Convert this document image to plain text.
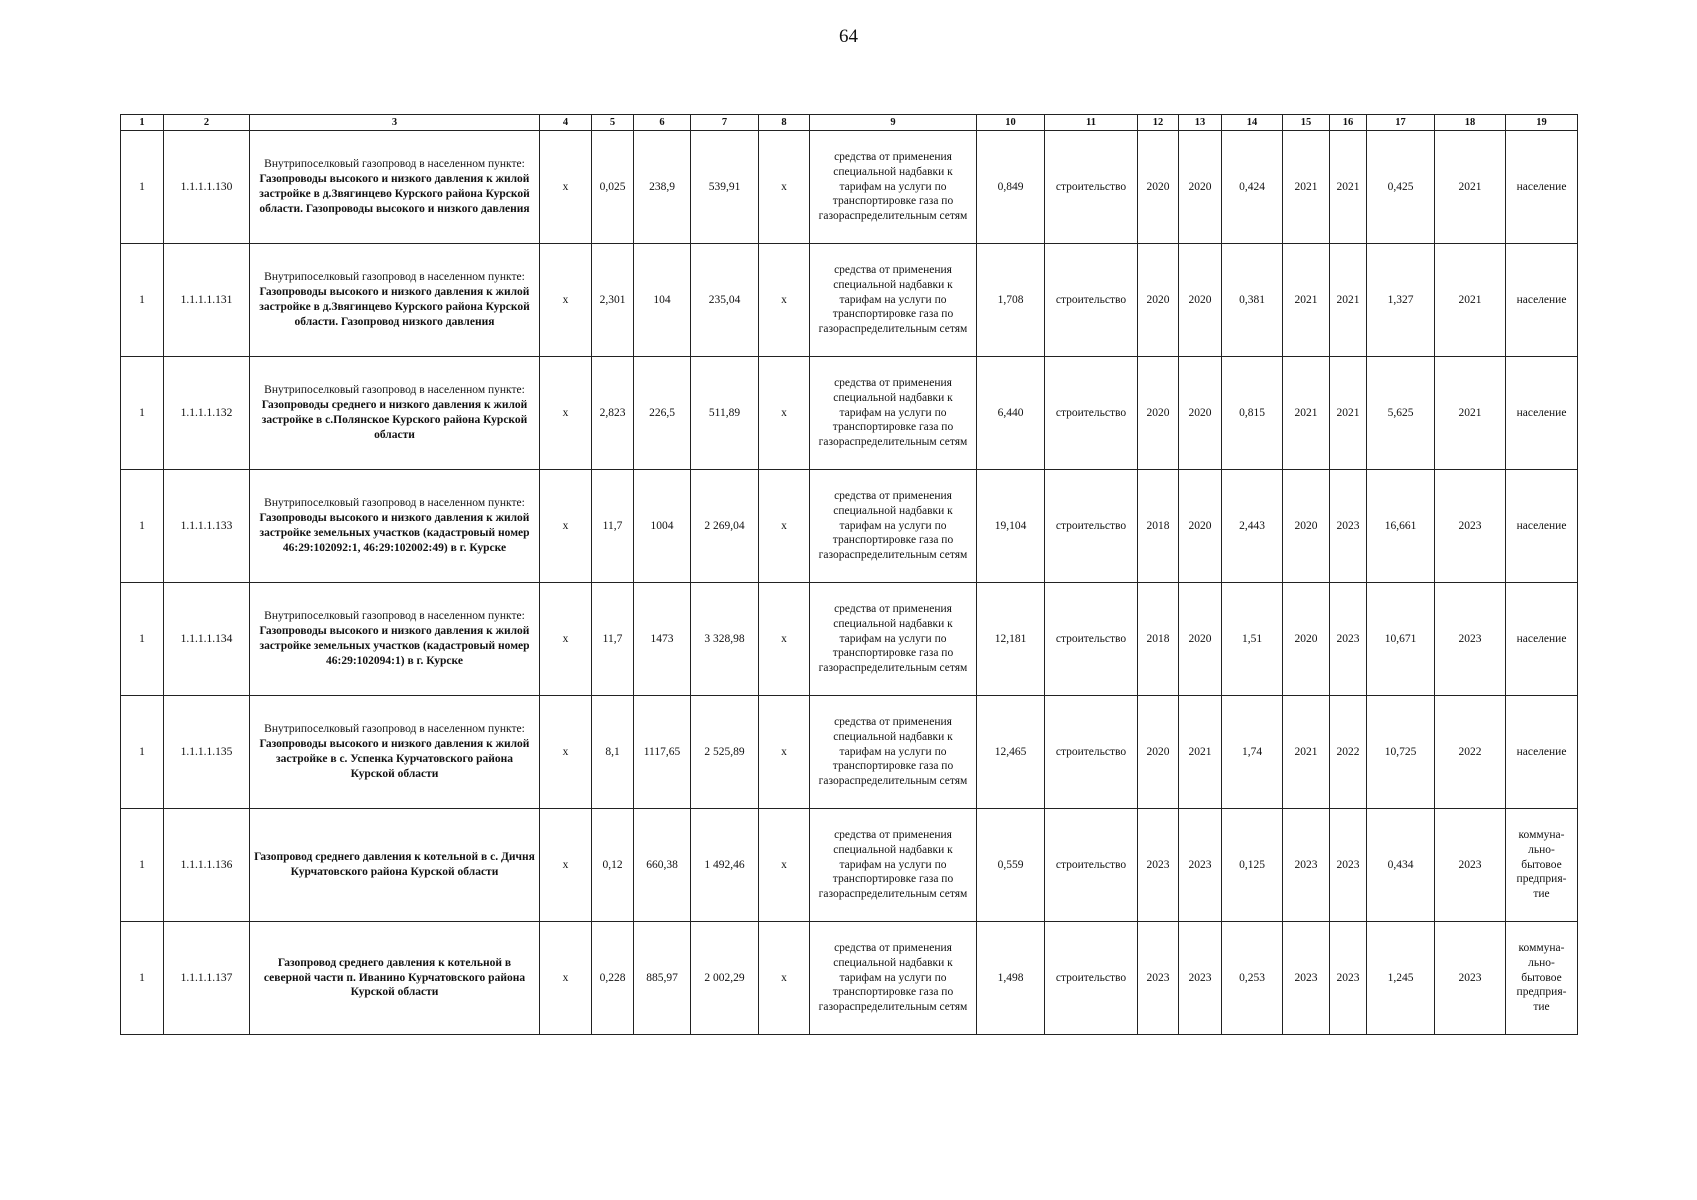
64
1	2	3	4	5	6	7	8	9	10	11	12	13	14	15	16	17	18	19
1	1.1.1.1.130	Внутрипоселковый газопровод в населенном пункте:
Газопроводы высокого и низкого давления к жилой застройке в д.Звягинцево Курского района Курской области. Газопроводы высокого и низкого давления	х	0,025	238,9	539,91	х	средства от применения специальной надбавки к тарифам на услуги по транспортировке газа по газораспределительным сетям	0,849	строительство	2020	2020	0,424	2021	2021	0,425	2021	население
1	1.1.1.1.131	Внутрипоселковый газопровод в населенном пункте:
Газопроводы высокого и низкого давления к жилой застройке в д.Звягинцево Курского района Курской области. Газопровод низкого давления	х	2,301	104	235,04	х	средства от применения специальной надбавки к тарифам на услуги по транспортировке газа по газораспределительным сетям	1,708	строительство	2020	2020	0,381	2021	2021	1,327	2021	население
1	1.1.1.1.132	Внутрипоселковый газопровод в населенном пункте:
Газопроводы среднего и низкого давления к жилой застройке в с.Полянское Курского района Курской области	х	2,823	226,5	511,89	х	средства от применения специальной надбавки к тарифам на услуги по транспортировке газа по газораспределительным сетям	6,440	строительство	2020	2020	0,815	2021	2021	5,625	2021	население
1	1.1.1.1.133	Внутрипоселковый газопровод в населенном пункте:
Газопроводы высокого и низкого давления к жилой застройке земельных участков (кадастровый номер 46:29:102092:1, 46:29:102002:49) в г. Курске	х	11,7	1004	2 269,04	х	средства от применения специальной надбавки к тарифам на услуги по транспортировке газа по газораспределительным сетям	19,104	строительство	2018	2020	2,443	2020	2023	16,661	2023	население
1	1.1.1.1.134	Внутрипоселковый газопровод в населенном пункте:
Газопроводы высокого и низкого давления к жилой застройке земельных участков (кадастровый номер 46:29:102094:1) в г. Курске	х	11,7	1473	3 328,98	х	средства от применения специальной надбавки к тарифам на услуги по транспортировке газа по газораспределительным сетям	12,181	строительство	2018	2020	1,51	2020	2023	10,671	2023	население
1	1.1.1.1.135	Внутрипоселковый газопровод в населенном пункте:
Газопроводы высокого и низкого давления к жилой застройке в с. Успенка Курчатовского района Курской области	х	8,1	1117,65	2 525,89	х	средства от применения специальной надбавки к тарифам на услуги по транспортировке газа по газораспределительным сетям	12,465	строительство	2020	2021	1,74	2021	2022	10,725	2022	население
1	1.1.1.1.136	Газопровод среднего давления к котельной в с. Дичня Курчатовского района Курской области	х	0,12	660,38	1 492,46	х	средства от применения специальной надбавки к тарифам на услуги по транспортировке газа по газораспределительным сетям	0,559	строительство	2023	2023	0,125	2023	2023	0,434	2023	коммуна-льно-бытовое предприя-тие
1	1.1.1.1.137	Газопровод среднего давления к котельной в северной части п. Иванино Курчатовского района Курской области	х	0,228	885,97	2 002,29	х	средства от применения специальной надбавки к тарифам на услуги по транспортировке газа по газораспределительным сетям	1,498	строительство	2023	2023	0,253	2023	2023	1,245	2023	коммуна-льно-бытовое предприя-тие
